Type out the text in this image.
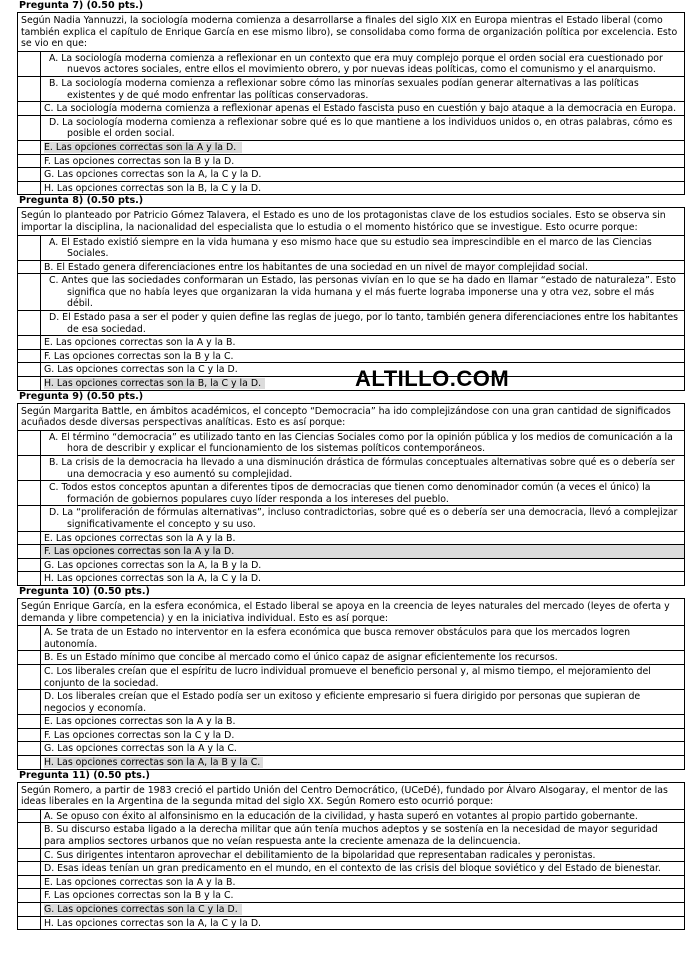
Pregunta 7) (0.50 pts.)
Según Nadia Yannuzzi, la sociología moderna comienza a desarrollarse a finales del siglo XIX en Europa mientras el Estado liberal (como también explica el capítulo de Enrique García en ese mismo libro), se consolidaba como forma de organización política por excelencia. Esto se vio en que:
A. La sociología moderna comienza a reflexionar en un contexto que era muy complejo porque el orden social era cuestionado por nuevos actores sociales, entre ellos el movimiento obrero, y por nuevas ideas políticas, como el comunismo y el anarquismo.
B. La sociología moderna comienza a reflexionar sobre cómo las minorías sexuales podían generar alternativas a las políticas existentes y de qué modo enfrentar las políticas conservadoras.
C. La sociología moderna comienza a reflexionar apenas el Estado fascista puso en cuestión y bajo ataque a la democracia en Europa.
D. La sociología moderna comienza a reflexionar sobre qué es lo que mantiene a los individuos unidos o, en otras palabras, cómo es posible el orden social.
E. Las opciones correctas son la A y la D.
F. Las opciones correctas son la B y la D.
G. Las opciones correctas son la A, la C y la D.
H. Las opciones correctas son la B, la C y la D.
Pregunta 8) (0.50 pts.)
Según lo planteado por Patricio Gómez Talavera, el Estado es uno de los protagonistas clave de los estudios sociales. Esto se observa sin importar la disciplina, la nacionalidad del especialista que lo estudia o el momento histórico que se investigue. Esto ocurre porque:
A. El Estado existió siempre en la vida humana y eso mismo hace que su estudio sea imprescindible en el marco de las Ciencias Sociales.
B. El Estado genera diferenciaciones entre los habitantes de una sociedad en un nivel de mayor complejidad social.
C. Antes que las sociedades conformaran un Estado, las personas vivían en lo que se ha dado en llamar “estado de naturaleza”. Esto significa que no había leyes que organizaran la vida humana y el más fuerte lograba imponerse una y otra vez, sobre el más débil.
D. El Estado pasa a ser el poder y quien define las reglas de juego, por lo tanto, también genera diferenciaciones entre los habitantes de esa sociedad.
E. Las opciones correctas son la A y la B.
F. Las opciones correctas son la B y la C.
G. Las opciones correctas son la C y la D.
H. Las opciones correctas son la B, la C y la D.
Pregunta 9) (0.50 pts.)
Según Margarita Battle, en ámbitos académicos, el concepto “Democracia” ha ido complejizándose con una gran cantidad de significados acuñados desde diversas perspectivas analíticas. Esto es así porque:
A. El término “democracia” es utilizado tanto en las Ciencias Sociales como por la opinión pública y los medios de comunicación a la hora de describir y explicar el funcionamiento de los sistemas políticos contemporáneos.
B. La crisis de la democracia ha llevado a una disminución drástica de fórmulas conceptuales alternativas sobre qué es o debería ser una democracia y eso aumentó su complejidad.
C. Todos estos conceptos apuntan a diferentes tipos de democracias que tienen como denominador común (a veces el único) la formación de gobiernos populares cuyo líder responda a los intereses del pueblo.
D. La “proliferación de fórmulas alternativas”, incluso contradictorias, sobre qué es o debería ser una democracia, llevó a complejizar significativamente el concepto y su uso.
E. Las opciones correctas son la A y la B.
F. Las opciones correctas son la A y la D.
G. Las opciones correctas son la A, la B y la D.
H. Las opciones correctas son la A, la C y la D.
Pregunta 10) (0.50 pts.)
Según Enrique García, en la esfera económica, el Estado liberal se apoya en la creencia de leyes naturales del mercado (leyes de oferta y demanda y libre competencia) y en la iniciativa individual. Esto es así porque:
A. Se trata de un Estado no interventor en la esfera económica que busca remover obstáculos para que los mercados logren autonomía.
B. Es un Estado mínimo que concibe al mercado como el único capaz de asignar eficientemente los recursos.
C. Los liberales creían que el espíritu de lucro individual promueve el beneficio personal y, al mismo tiempo, el mejoramiento del conjunto de la sociedad.
D. Los liberales creían que el Estado podía ser un exitoso y eficiente empresario si fuera dirigido por personas que supieran de negocios y economía.
E. Las opciones correctas son la A y la B.
F. Las opciones correctas son la C y la D.
G. Las opciones correctas son la A y la C.
H. Las opciones correctas son la A, la B y la C.
Pregunta 11) (0.50 pts.)
Según Romero, a partir de 1983 creció el partido Unión del Centro Democrático, (UCeDé), fundado por Álvaro Alsogaray, el mentor de las ideas liberales en la Argentina de la segunda mitad del siglo XX. Según Romero esto ocurrió porque:
A. Se opuso con éxito al alfonsinismo en la educación de la civilidad, y hasta superó en votantes al propio partido gobernante.
B. Su discurso estaba ligado a la derecha militar que aún tenía muchos adeptos y se sostenía en la necesidad de mayor seguridad para amplios sectores urbanos que no veían respuesta ante la creciente amenaza de la delincuencia.
C. Sus dirigentes intentaron aprovechar el debilitamiento de la bipolaridad que representaban radicales y peronistas.
D. Esas ideas tenían un gran predicamento en el mundo, en el contexto de las crisis del bloque soviético y del Estado de bienestar.
E. Las opciones correctas son la A y la B.
F. Las opciones correctas son la B y la C.
G. Las opciones correctas son la C y la D.
H. Las opciones correctas son la A, la C y la D.
ALTILLO.COM
